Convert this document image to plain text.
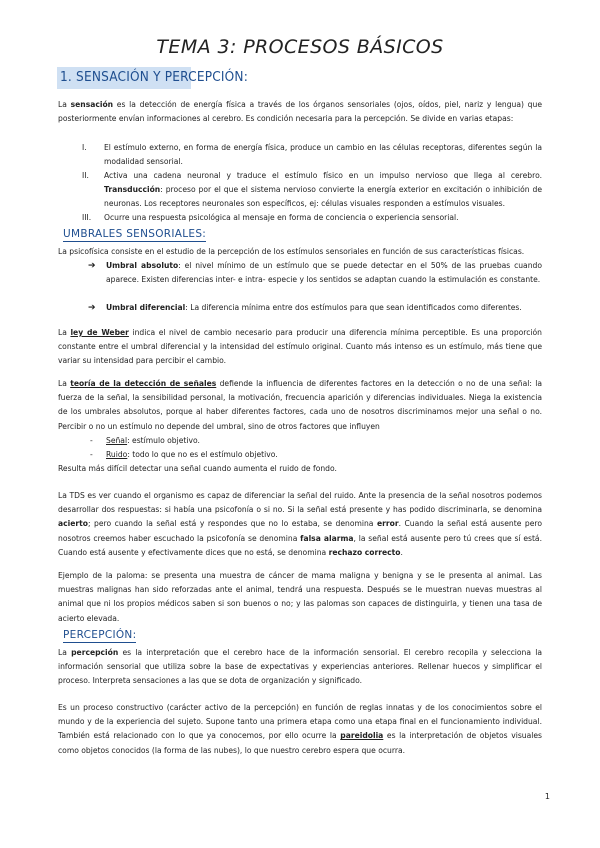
TEMA 3: PROCESOS BÁSICOS
1. SENSACIÓN Y PERCEPCIÓN:
La sensación es la detección de energía física a través de los órganos sensoriales (ojos, oídos, piel, nariz y lengua) que posteriormente envían informaciones al cerebro. Es condición necesaria para la percepción. Se divide en varias etapas:
I. El estímulo externo, en forma de energía física, produce un cambio en las células receptoras, diferentes según la modalidad sensorial.
II. Activa una cadena neuronal y traduce el estímulo físico en un impulso nervioso que llega al cerebro. Transducción: proceso por el que el sistema nervioso convierte la energía exterior en excitación o inhibición de neuronas. Los receptores neuronales son específicos, ej: células visuales responden a estímulos visuales.
III. Ocurre una respuesta psicológica al mensaje en forma de conciencia o experiencia sensorial.
UMBRALES SENSORIALES:
La psicofísica consiste en el estudio de la percepción de los estímulos sensoriales en función de sus características físicas.
➔ Umbral absoluto: el nivel mínimo de un estímulo que se puede detectar en el 50% de las pruebas cuando aparece. Existen diferencias inter- e intra- especie y los sentidos se adaptan cuando la estimulación es constante.
➔ Umbral diferencial: La diferencia mínima entre dos estímulos para que sean identificados como diferentes.
La ley de Weber indica el nivel de cambio necesario para producir una diferencia mínima perceptible. Es una proporción constante entre el umbral diferencial y la intensidad del estímulo original. Cuanto más intenso es un estímulo, más tiene que variar su intensidad para percibir el cambio.
La teoría de la detección de señales defiende la influencia de diferentes factores en la detección o no de una señal: la fuerza de la señal, la sensibilidad personal, la motivación, frecuencia aparición y diferencias individuales. Niega la existencia de los umbrales absolutos, porque al haber diferentes factores, cada uno de nosotros discriminamos mejor una señal o no. Percibir o no un estímulo no depende del umbral, sino de otros factores que influyen
- Señal: estímulo objetivo.
- Ruido: todo lo que no es el estímulo objetivo.
Resulta más difícil detectar una señal cuando aumenta el ruido de fondo.
La TDS es ver cuando el organismo es capaz de diferenciar la señal del ruido. Ante la presencia de la señal nosotros podemos desarrollar dos respuestas: si había una psicofonía o si no. Si la señal está presente y has podido discriminarla, se denomina acierto; pero cuando la señal está y respondes que no lo estaba, se denomina error. Cuando la señal está ausente pero nosotros creemos haber escuchado la psicofonía se denomina falsa alarma, la señal está ausente pero tú crees que sí está. Cuando está ausente y efectivamente dices que no está, se denomina rechazo correcto.
Ejemplo de la paloma: se presenta una muestra de cáncer de mama maligna y benigna y se le presenta al animal. Las muestras malignas han sido reforzadas ante el animal, tendrá una respuesta. Después se le muestran nuevas muestras al animal que ni los propios médicos saben si son buenos o no; y las palomas son capaces de distinguirla, y tienen una tasa de acierto elevada.
PERCEPCIÓN:
La percepción es la interpretación que el cerebro hace de la información sensorial. El cerebro recopila y selecciona la información sensorial que utiliza sobre la base de expectativas y experiencias anteriores. Rellenar huecos y simplificar el proceso. Interpreta sensaciones a las que se dota de organización y significado.
Es un proceso constructivo (carácter activo de la percepción) en función de reglas innatas y de los conocimientos sobre el mundo y de la experiencia del sujeto. Supone tanto una primera etapa como una etapa final en el funcionamiento individual. También está relacionado con lo que ya conocemos, por ello ocurre la pareidolia es la interpretación de objetos visuales como objetos conocidos (la forma de las nubes), lo que nuestro cerebro espera que ocurra.
1
